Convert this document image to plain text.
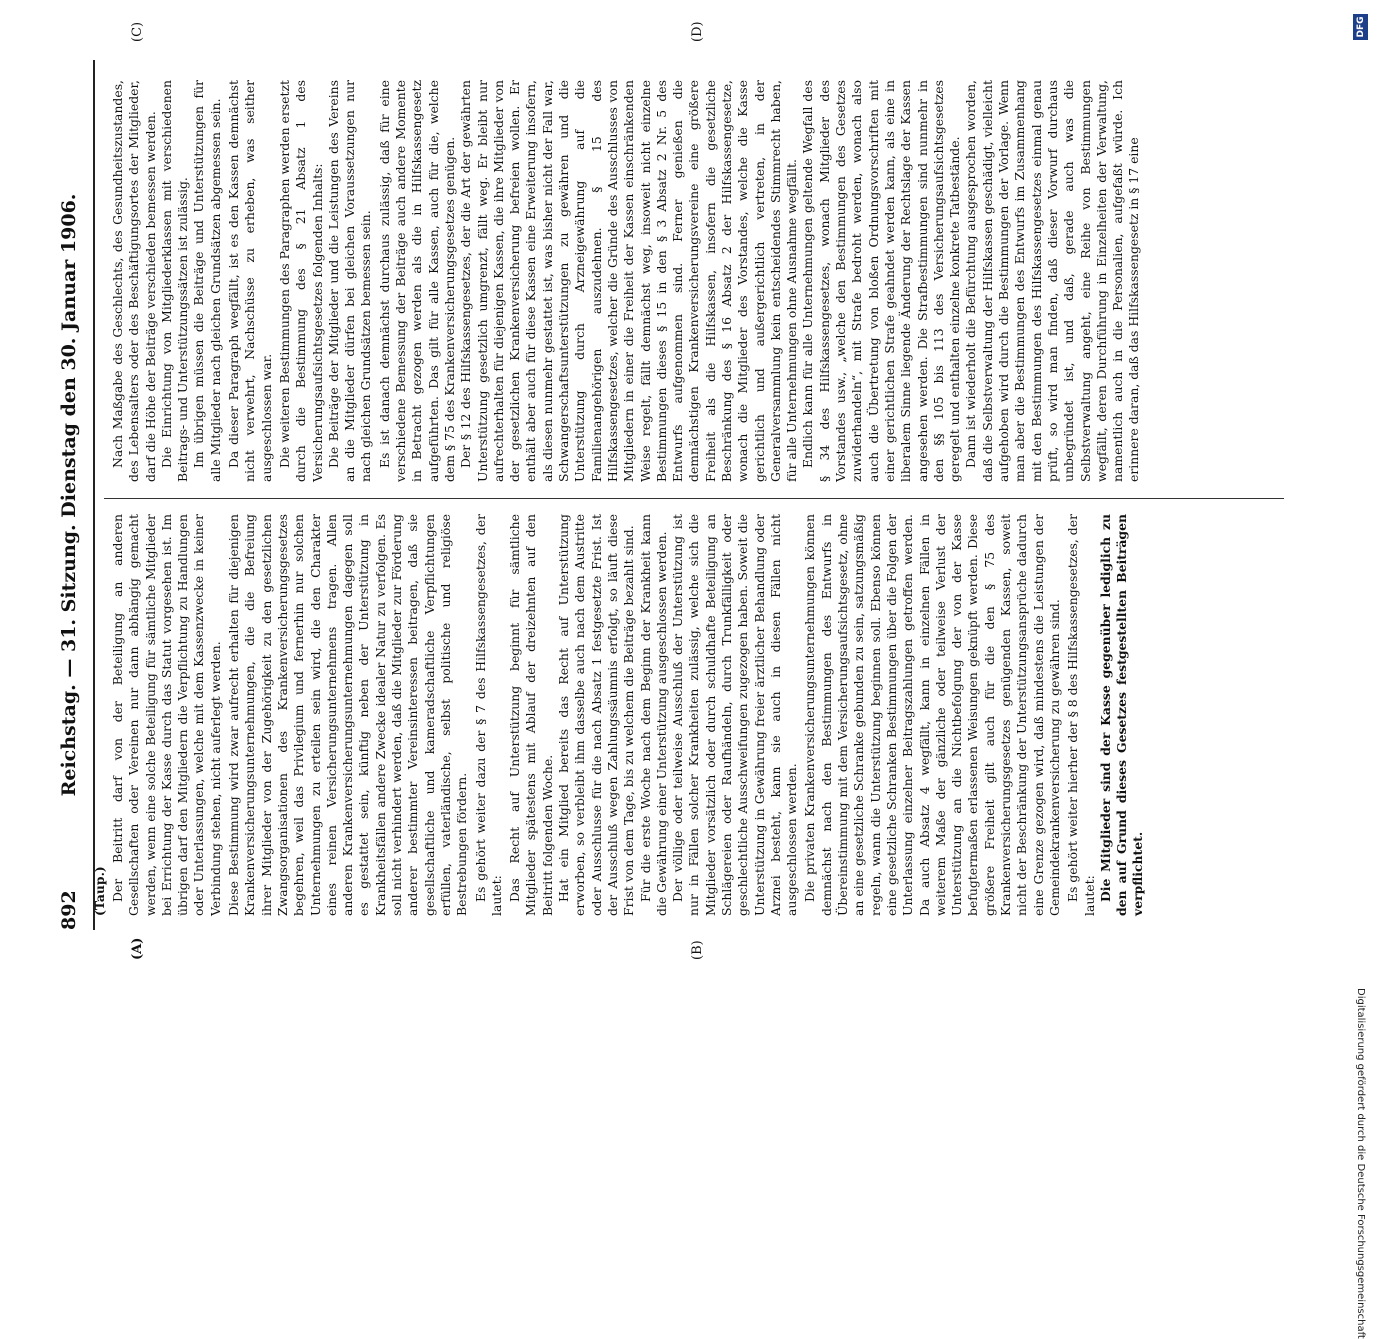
892
Reichstag. — 31. Sitzung. Dienstag den 30. Januar 1906.
(Taup.)
(A)	(B)
(C)	(D)

Der Beitritt darf von der Beteiligung an anderen Gesellschaften oder Vereinen nur dann abhängig gemacht werden, wenn eine solche Beteiligung für sämtliche Mitglieder bei Errichtung der Kasse durch das Statut vorgesehen ist. Im übrigen darf den Mitgliedern die Verpflichtung zu Handlungen oder Unterlassungen, welche mit dem Kassenzwecke in keiner Verbindung stehen, nicht auferlegt werden. Diese Bestimmung wird zwar aufrecht erhalten für diejenigen Krankenversicherungsunternehmungen, die die Befreiung ihrer Mitglieder von der Zugehörigkeit zu den gesetzlichen Zwangsorganisationen des Krankenversicherungsgesetzes begehren, weil das Privilegium und fernerhin nur solchen Unternehmungen zu erteilen sein wird, die den Charakter eines reinen Versicherungsunternehmens tragen. Allen anderen Krankenversicherungsunternehmungen dagegen soll es gestattet sein, künftig neben der Unterstützung in Krankheitsfällen andere Zwecke idealer Natur zu verfolgen. Es soll nicht verhindert werden, daß die Mitglieder zur Förderung anderer bestimmter Vereinsinteressen beitragen, daß sie gesellschaftliche und kameradschaftliche Verpflichtungen erfüllen, vaterländische, selbst politische und religiöse Bestrebungen fördern. Es gehört weiter dazu der § 7 des Hilfskassengesetzes, der lautet: Das Recht auf Unterstützung beginnt für sämtliche Mitglieder spätestens mit Ablauf der dreizehnten auf den Beitritt folgenden Woche. Hat ein Mitglied bereits das Recht auf Unterstützung erworben, so verbleibt ihm dasselbe auch nach dem Austritte oder Ausschlusse für die nach Absatz 1 festgesetzte Frist. Ist der Ausschluß wegen Zahlungssäumnis erfolgt, so läuft diese Frist von dem Tage, bis zu welchem die Beiträge bezahlt sind. Für die erste Woche nach dem Beginn der Krankheit kann die Gewährung einer Unterstützung ausgeschlossen werden. Der völlige oder teilweise Ausschluß der Unterstützung ist nur in Fällen solcher Krankheiten zulässig, welche sich die Mitglieder vorsätzlich oder durch schuldhafte Beteiligung an Schlägereien oder Raufhändeln, durch Trunkfälligkeit oder geschlechtliche Ausschweifungen zugezogen haben. Soweit die Unterstützung in Gewährung freier ärztlicher Behandlung oder Arznei besteht, kann sie auch in diesen Fällen nicht ausgeschlossen werden. Die privaten Krankenversicherungsunternehmungen können demnächst nach den Bestimmungen des Entwurfs in Übereinstimmung mit dem Versicherungsaufsichtsgesetz, ohne an eine gesetzliche Schranke gebunden zu sein, satzungsmäßig regeln, wann die Unterstützung beginnen soll. Ebenso können eine gesetzliche Schranken Bestimmungen über die Folgen der Unterlassung einzelner Beitragszahlungen getroffen werden. Da auch Absatz 4 wegfällt, kann in einzelnen Fällen in weiterem Maße der gänzliche oder teilweise Verlust der Unterstützung an die Nichtbefolgung der von der Kasse befugtermaßen erlassenen Weisungen geknüpft werden. Diese größere Freiheit gilt auch für die den § 75 des Krankenversicherungsgesetzes genügenden Kassen, soweit nicht der Beschränkung der Unterstützungsansprüche dadurch eine Grenze gezogen wird, daß mindestens die Leistungen der Gemeindekrankenversicherung zu gewähren sind. Es gehört weiter hierher der § 8 des Hilfskassengesetzes, der lautet: Die Mitglieder sind der Kasse gegenüber lediglich zu den auf Grund dieses Gesetzes festgestellten Beiträgen verpflichtet.

Nach Maßgabe des Geschlechts, des Gesundheitszustandes, des Lebensalters oder des Beschäftigungsortes der Mitglieder, darf die Höhe der Beiträge verschieden bemessen werden. Die Einrichtung von Mitgliederklassen mit verschiedenen Beitrags- und Unterstützungssätzen ist zulässig. Im übrigen müssen die Beiträge und Unterstützungen für alle Mitglieder nach gleichen Grundsätzen abgemessen sein. Da dieser Paragraph wegfällt, ist es den Kassen demnächst nicht verwehrt, Nachschüsse zu erheben, was seither ausgeschlossen war. Die weiteren Bestimmungen des Paragraphen werden ersetzt durch die Bestimmung des § 21 Absatz 1 des Versicherungsaufsichtsgesetzes folgenden Inhalts: Die Beiträge der Mitglieder und die Leistungen des Vereins an die Mitglieder dürfen bei gleichen Voraussetzungen nur nach gleichen Grundsätzen bemessen sein. Es ist danach demnächst durchaus zulässig, daß für eine verschiedene Bemessung der Beiträge auch andere Momente in Betracht gezogen werden als die in Hilfskassengesetz aufgeführten. Das gilt für alle Kassen, auch für die, welche dem § 75 des Krankenversicherungsgesetzes genügen. Der § 12 des Hilfskassengesetzes, der die Art der gewährten Unterstützung gesetzlich umgrenzt, fällt weg. Er bleibt nur aufrechterhalten für diejenigen Kassen, die ihre Mitglieder von der gesetzlichen Krankenversicherung befreien wollen. Er enthält aber auch für diese Kassen eine Erweiterung insofern, als diesen nunmehr gestattet ist, was bisher nicht der Fall war, Schwangerschaftsunterstützungen zu gewähren und die Unterstützung durch Arzneigewährung auf die Familienangehörigen auszudehnen. § 15 des Hilfskassengesetzes, welcher die Gründe des Ausschlusses von Mitgliedern in einer die Freiheit der Kassen einschränkenden Weise regelt, fällt demnächst weg, insoweit nicht einzelne Bestimmungen dieses § 15 in den § 3 Absatz 2 Nr. 5 des Entwurfs aufgenommen sind. Ferner genießen die demnächstigen Krankenversicherungsvereine eine größere Freiheit als die Hilfskassen, insofern die gesetzliche Beschränkung des § 16 Absatz 2 der Hilfskassengesetze, wonach die Mitglieder des Vorstandes, welche die Kasse gerichtlich und außergerichtlich vertreten, in der Generalversammlung kein entscheidendes Stimmrecht haben, für alle Unternehmungen ohne Ausnahme wegfällt. Endlich kann für alle Unternehmungen geltende Wegfall des § 34 des Hilfskassengesetzes, wonach Mitglieder des Vorstandes usw., „welche den Bestimmungen des Gesetzes zuwiderhandeln“, mit Strafe bedroht werden, wonach also auch die Übertretung von bloßen Ordnungsvorschriften mit einer gerichtlichen Strafe geahndet werden kann, als eine in liberalem Sinne liegende Änderung der Rechtslage der Kassen angesehen werden. Die Strafbestimmungen sind nunmehr in den §§ 105 bis 113 des Versicherungsaufsichtsgesetzes geregelt und enthalten einzelne konkrete Tatbestände. Dann ist wiederholt die Befürchtung ausgesprochen worden, daß die Selbstverwaltung der Hilfskassen geschädigt, vielleicht aufgehoben wird durch die Bestimmungen der Vorlage. Wenn man aber die Bestimmungen des Entwurfs im Zusammenhang mit den Bestimmungen des Hilfskassengesetzes einmal genau prüft, so wird man finden, daß dieser Vorwurf durchaus unbegründet ist, und daß, gerade auch was die Selbstverwaltung angeht, eine Reihe von Bestimmungen wegfällt, deren Durchführung in Einzelheiten der Verwaltung, namentlich auch in die Personalien, aufgefaßt würde. Ich erinnere daran, daß das Hilfskassengesetz in § 17 eine

DFG
Digitalisierung gefördert durch die Deutsche Forschungsgemeinschaft
